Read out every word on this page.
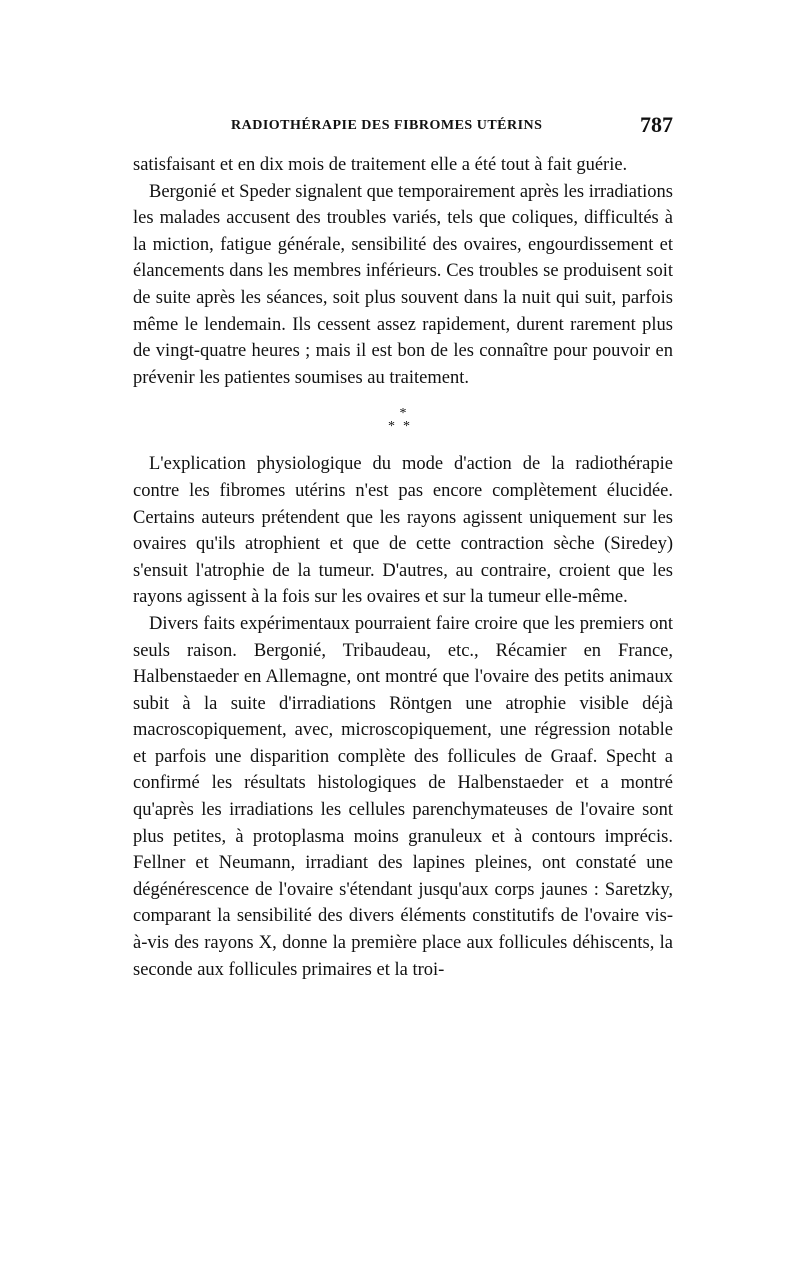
RADIOTHÉRAPIE DES FIBROMES UTÉRINS	787

satisfaisant et en dix mois de traitement elle a été tout à fait guérie.

Bergonié et Speder signalent que temporairement après les irradiations les malades accusent des troubles variés, tels que coliques, difficultés à la miction, fatigue générale, sensibilité des ovaires, engourdissement et élancements dans les membres inférieurs. Ces troubles se produisent soit de suite après les séances, soit plus souvent dans la nuit qui suit, parfois même le lendemain. Ils cessent assez rapidement, durent rarement plus de vingt-quatre heures ; mais il est bon de les connaître pour pouvoir en prévenir les patientes soumises au traitement.

*
**

L'explication physiologique du mode d'action de la radiothérapie contre les fibromes utérins n'est pas encore complètement élucidée. Certains auteurs prétendent que les rayons agissent uniquement sur les ovaires qu'ils atrophient et que de cette contraction sèche (Siredey) s'ensuit l'atrophie de la tumeur. D'autres, au contraire, croient que les rayons agissent à la fois sur les ovaires et sur la tumeur elle-même.

Divers faits expérimentaux pourraient faire croire que les premiers ont seuls raison. Bergonié, Tribaudeau, etc., Récamier en France, Halbenstaeder en Allemagne, ont montré que l'ovaire des petits animaux subit à la suite d'irradiations Röntgen une atrophie visible déjà macroscopiquement, avec, microscopiquement, une régression notable et parfois une disparition complète des follicules de Graaf. Specht a confirmé les résultats histologiques de Halbenstaeder et a montré qu'après les irradiations les cellules parenchymateuses de l'ovaire sont plus petites, à protoplasma moins granuleux et à contours imprécis. Fellner et Neumann, irradiant des lapines pleines, ont constaté une dégénérescence de l'ovaire s'étendant jusqu'aux corps jaunes : Saretzky, comparant la sensibilité des divers éléments constitutifs de l'ovaire vis-à-vis des rayons X, donne la première place aux follicules déhiscents, la seconde aux follicules primaires et la troi-
